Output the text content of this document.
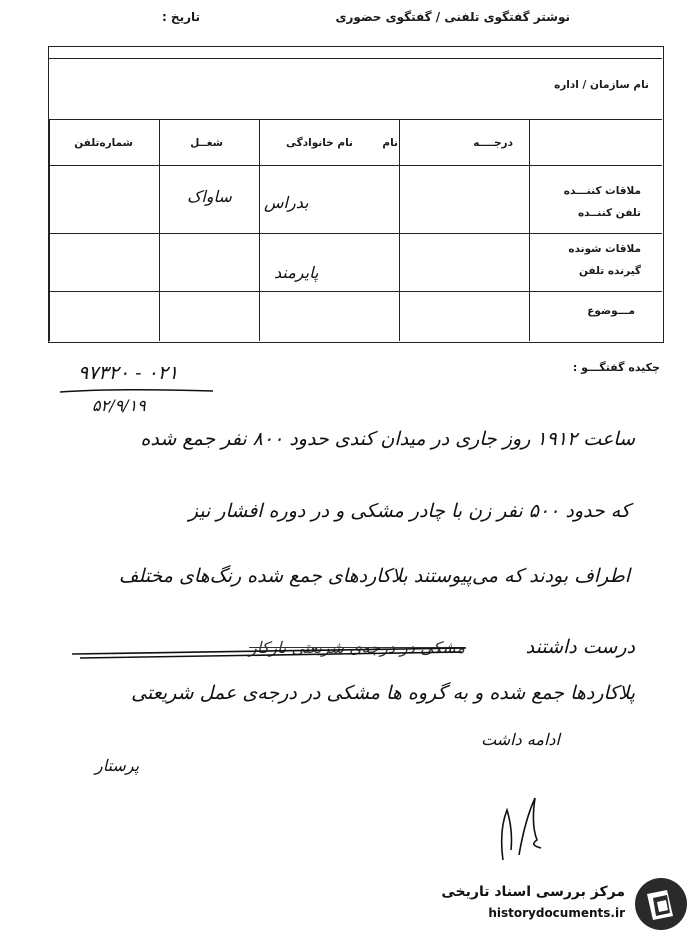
نوشتر گفتگوی تلفنی / گفتگوی حضوری
تاریخ :
نام سازمان / اداره
درجــــه
نام
نام خانوادگی
شغــل
شماره‌تلفن
ملاقات کننـــده
تلفن کننــده
ملاقات شونده
گیرنده تلفن
مـــوضوع
بدراس
ساواک
پایرمند
چکیده گفتگـــو :
۰۲۱ - ۹۷۳۲۰
۵۲/۹/۱۹
ساعت ۱۹۱۲ روز جاری در میدان کندی حدود ۸۰۰ نفر جمع شده
که حدود ۵۰۰ نفر زن با چادر مشکی و در دوره افشار نیز
اطراف بودند که می‌پیوستند بلاکاردهای جمع شده رنگ‌های مختلف
درست داشتند
مشکی در درجه‌ی شریعتی بارکار
پلاکاردها جمع شده و به گروه ها مشکی در درجه‌ی عمل شریعتی
ادامه داشت
پرستار
مرکز بررسی اسناد تاریخی
historydocuments.ir
